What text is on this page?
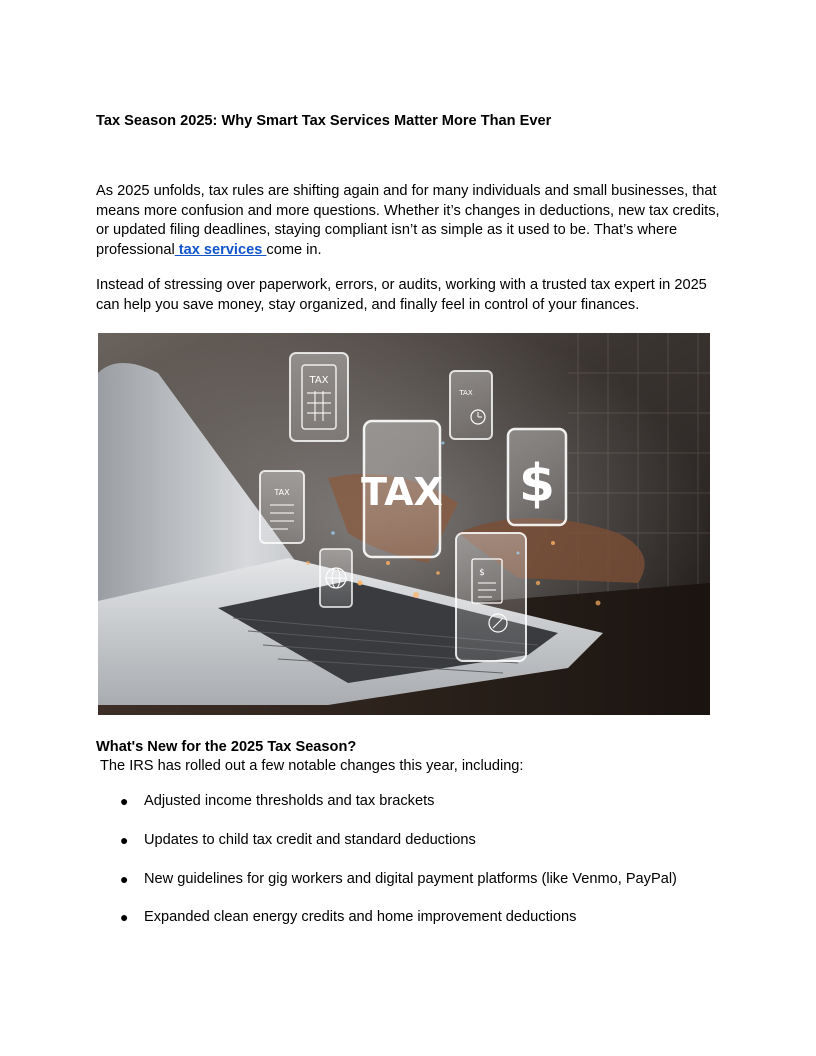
Tax Season 2025: Why Smart Tax Services Matter More Than Ever

As 2025 unfolds, tax rules are shifting again and for many individuals and small businesses, that means more confusion and more questions. Whether it’s changes in deductions, new tax credits, or updated filing deadlines, staying compliant isn’t as simple as it used to be. That’s where professional tax services come in.

Instead of stressing over paperwork, errors, or audits, working with a trusted tax expert in 2025 can help you save money, stay organized, and finally feel in control of your finances.

TAX
TAX
TAX $
TAX
$
What's New for the 2025 Tax Season?

The IRS has rolled out a few notable changes this year, including:

● Adjusted income thresholds and tax brackets
● Updates to child tax credit and standard deductions
● New guidelines for gig workers and digital payment platforms (like Venmo, PayPal)
● Expanded clean energy credits and home improvement deductions
